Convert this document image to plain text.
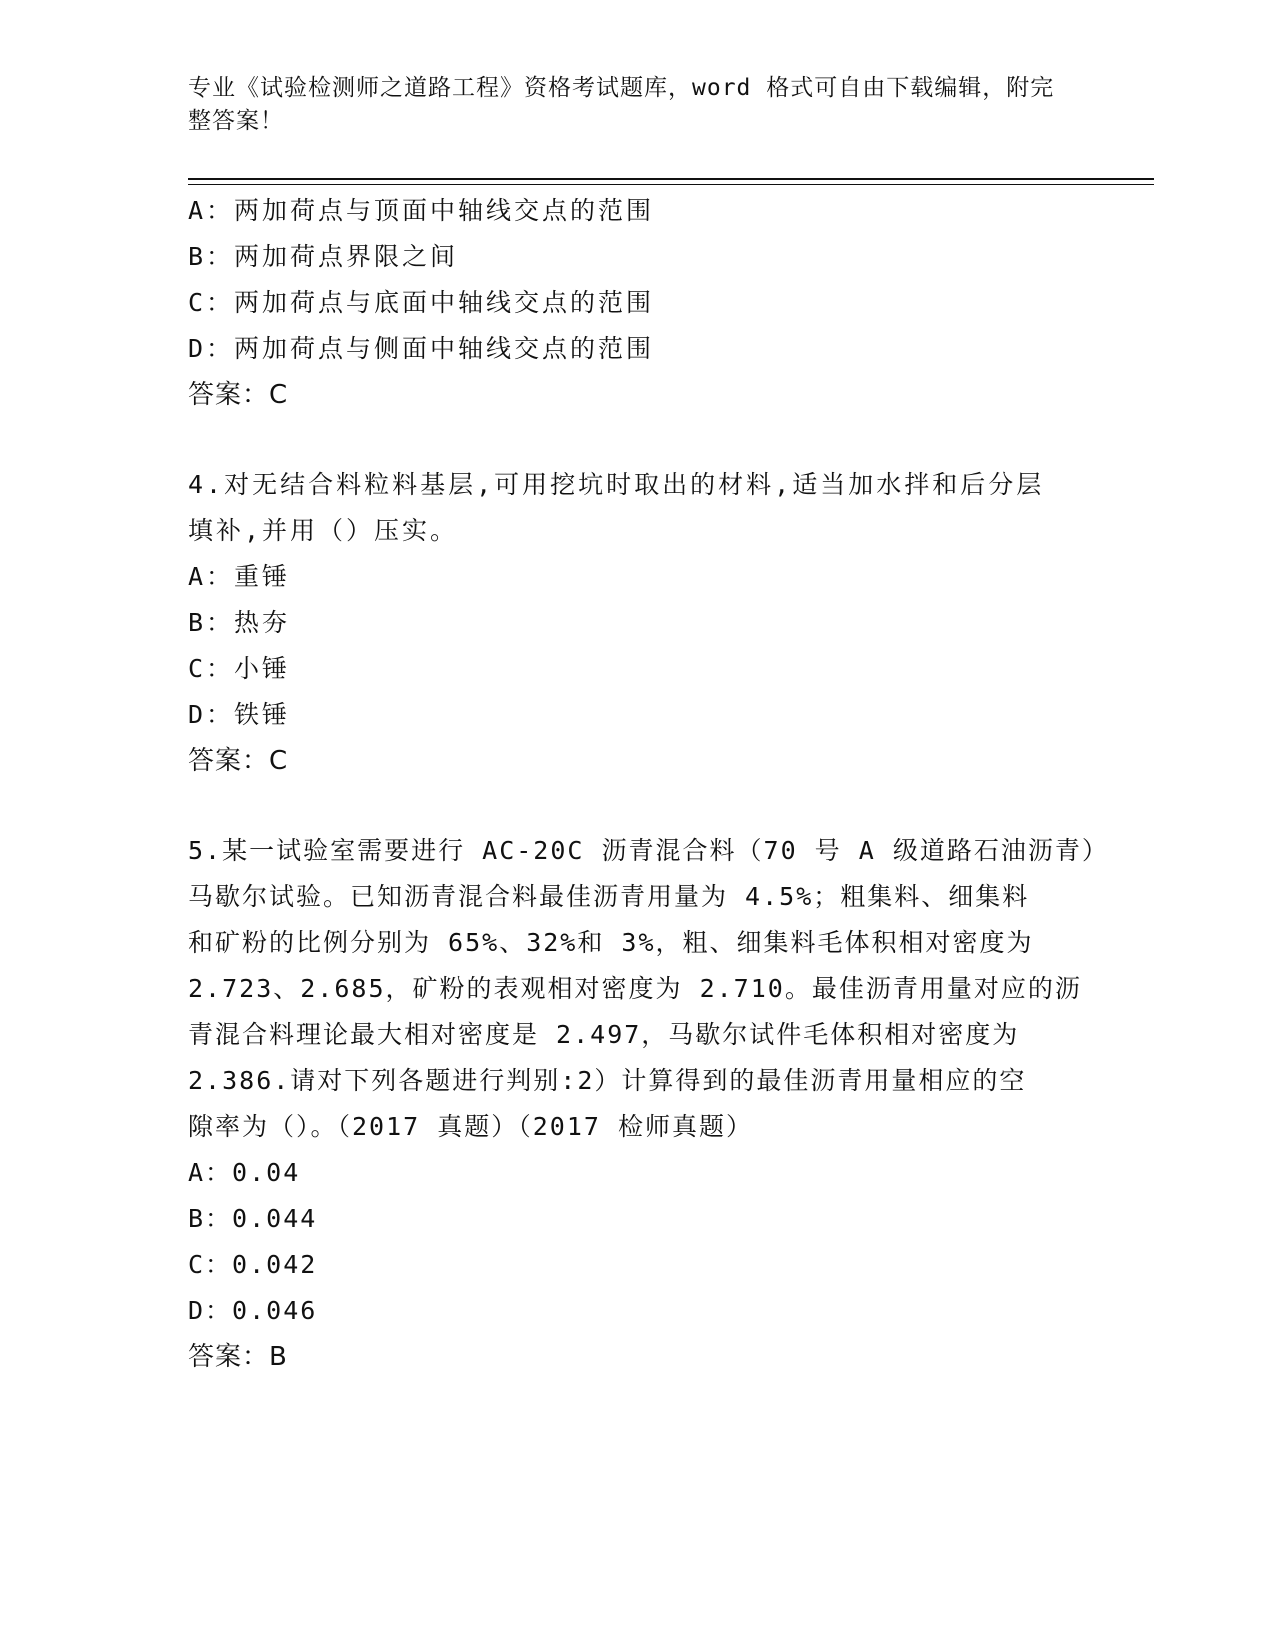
专业《试验检测师之道路工程》资格考试题库，word 格式可自由下载编辑，附完
整答案！
A：两加荷点与顶面中轴线交点的范围
B：两加荷点界限之间
C：两加荷点与底面中轴线交点的范围
D：两加荷点与侧面中轴线交点的范围
答案：C
4.对无结合料粒料基层,可用挖坑时取出的材料,适当加水拌和后分层
填补,并用（）压实。
A：重锤
B：热夯
C：小锤
D：铁锤
答案：C
5.某一试验室需要进行 AC-20C 沥青混合料（70 号 A 级道路石油沥青）
马歇尔试验。已知沥青混合料最佳沥青用量为 4.5%；粗集料、细集料
和矿粉的比例分别为 65%、32%和 3%，粗、细集料毛体积相对密度为
2.723、2.685，矿粉的表观相对密度为 2.710。最佳沥青用量对应的沥
青混合料理论最大相对密度是 2.497，马歇尔试件毛体积相对密度为
2.386.请对下列各题进行判别:2）计算得到的最佳沥青用量相应的空
隙率为（）。（2017 真题）（2017 检师真题）
A：0.04
B：0.044
C：0.042
D：0.046
答案：B
